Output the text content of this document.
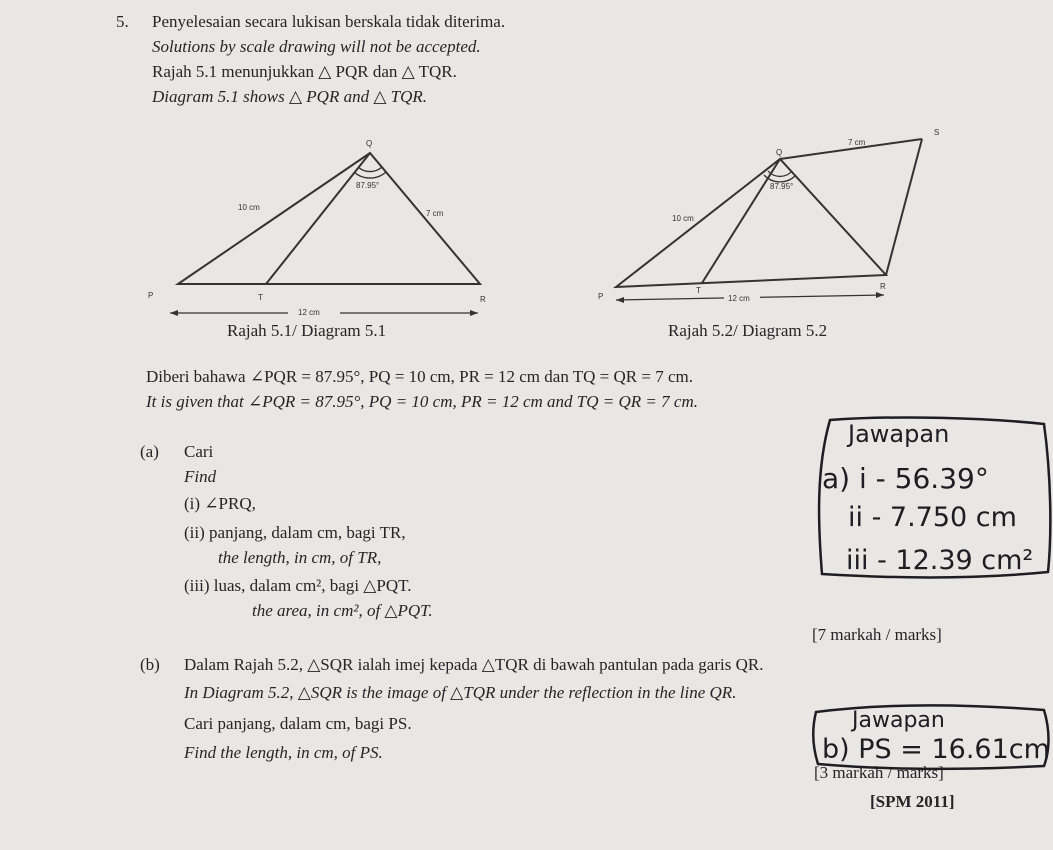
5. Penyelesaian secara lukisan berskala tidak diterima.
Solutions by scale drawing will not be accepted.
Rajah 5.1 menunjukkan △ PQR dan △ TQR.
Diagram 5.1 shows △ PQR and △ TQR.
Q
P	T	R
87.95°
10 cm
7 cm
12 cm
Rajah 5.1/ Diagram 5.1
Q
S
P
T	R
87.95°
10 cm
7 cm
12 cm
Rajah 5.2/ Diagram 5.2
Diberi bahawa ∠PQR = 87.95°, PQ = 10 cm, PR = 12 cm dan TQ = QR = 7 cm.
It is given that ∠PQR = 87.95°, PQ = 10 cm, PR = 12 cm and TQ = QR = 7 cm.
(a) Cari
Find
(i) ∠PRQ,
(ii) panjang, dalam cm, bagi TR,
the length, in cm, of TR,
(iii) luas, dalam cm², bagi △PQT.
the area, in cm², of △PQT.
[7 markah / marks]
(b) Dalam Rajah 5.2, △SQR ialah imej kepada △TQR di bawah pantulan pada garis QR.
In Diagram 5.2, △SQR is the image of △TQR under the reflection in the line QR.
Cari panjang, dalam cm, bagi PS.
Find the length, in cm, of PS.
[3 markah / marks]
[SPM 2011]
Jawapan
a) i - 56.39°
ii - 7.750 cm
iii - 12.39 cm²
Jawapan
b) PS = 16.61cm
